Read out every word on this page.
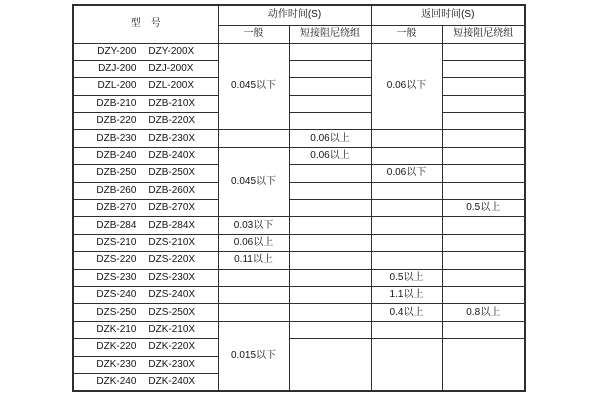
型　号	动作时间(S)		返回时间(S)	
	一般	短接阻尼绕组	一般	短接阻尼绕组
DZY-200 DZY-200X	0.045以下		0.06以下	
DZJ-200 DZJ-200X				
DZL-200 DZL-200X				
DZB-210 DZB-210X				
DZB-220 DZB-220X				
DZB-230 DZB-230X		0.06以上		
DZB-240 DZB-240X	0.045以下	0.06以上		
DZB-250 DZB-250X			0.06以下	
DZB-260 DZB-260X				
DZB-270 DZB-270X				0.5以上
DZB-284 DZB-284X	0.03以下			
DZS-210 DZS-210X	0.06以上			
DZS-220 DZS-220X	0.11以上			
DZS-230 DZS-230X			0.5以上	
DZS-240 DZS-240X			1.1以上	
DZS-250 DZS-250X			0.4以上	0.8以上
DZK-210 DZK-210X	0.015以下			
DZK-220 DZK-220X				
DZK-230 DZK-230X				
DZK-240 DZK-240X				
